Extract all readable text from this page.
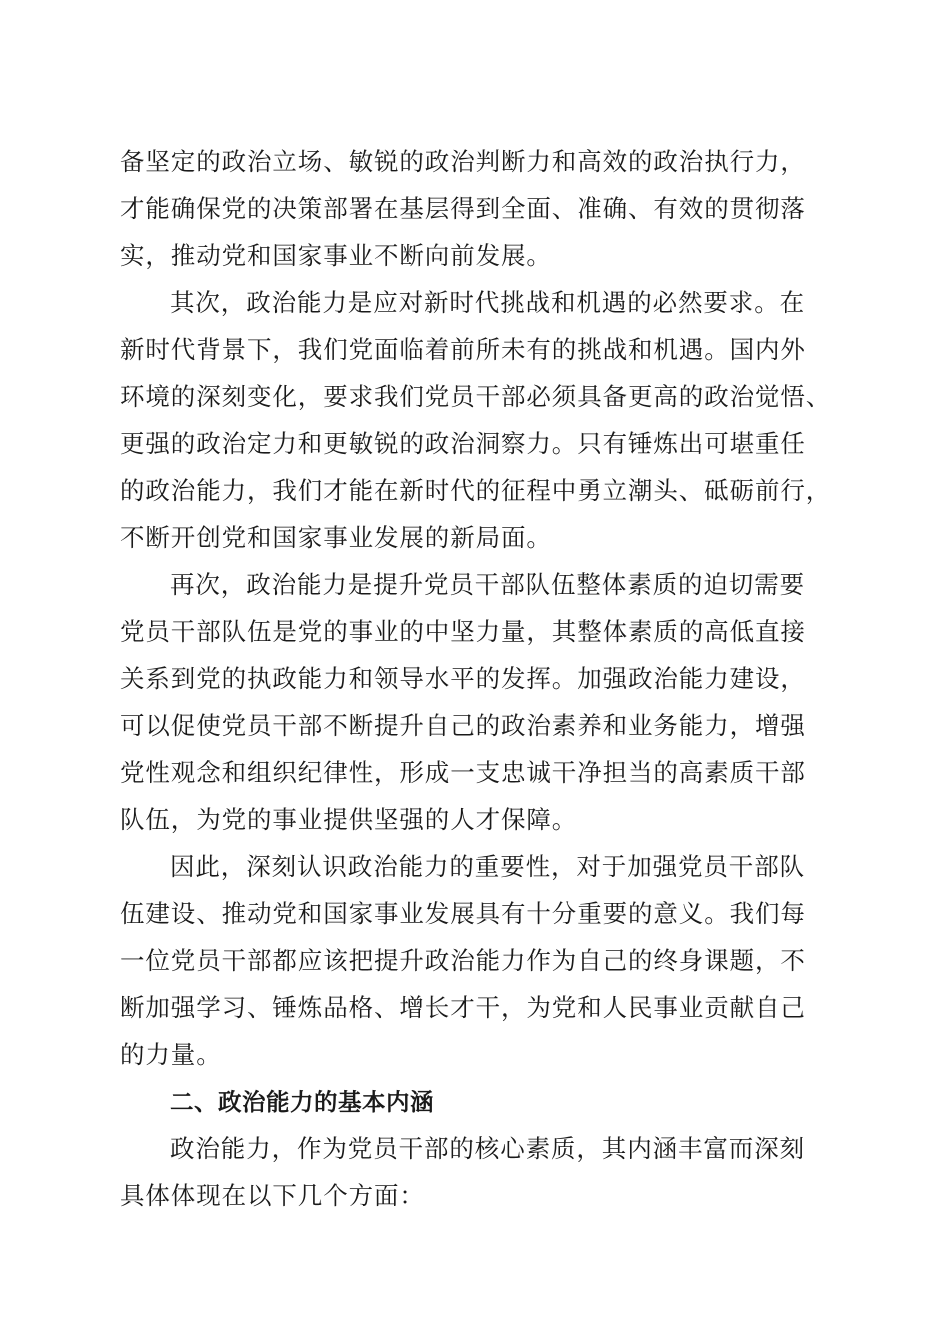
备坚定的政治立场、敏锐的政治判断力和高效的政治执行力，
才能确保党的决策部署在基层得到全面、准确、有效的贯彻落
实，推动党和国家事业不断向前发展。
其次，政治能力是应对新时代挑战和机遇的必然要求。在
新时代背景下，我们党面临着前所未有的挑战和机遇。国内外
环境的深刻变化，要求我们党员干部必须具备更高的政治觉悟、
更强的政治定力和更敏锐的政治洞察力。只有锤炼出可堪重任
的政治能力，我们才能在新时代的征程中勇立潮头、砥砺前行，
不断开创党和国家事业发展的新局面。
再次，政治能力是提升党员干部队伍整体素质的迫切需要
党员干部队伍是党的事业的中坚力量，其整体素质的高低直接
关系到党的执政能力和领导水平的发挥。加强政治能力建设，
可以促使党员干部不断提升自己的政治素养和业务能力，增强
党性观念和组织纪律性，形成一支忠诚干净担当的高素质干部
队伍，为党的事业提供坚强的人才保障。
因此，深刻认识政治能力的重要性，对于加强党员干部队
伍建设、推动党和国家事业发展具有十分重要的意义。我们每
一位党员干部都应该把提升政治能力作为自己的终身课题，不
断加强学习、锤炼品格、增长才干，为党和人民事业贡献自己
的力量。
二、政治能力的基本内涵
政治能力，作为党员干部的核心素质，其内涵丰富而深刻
具体体现在以下几个方面：
